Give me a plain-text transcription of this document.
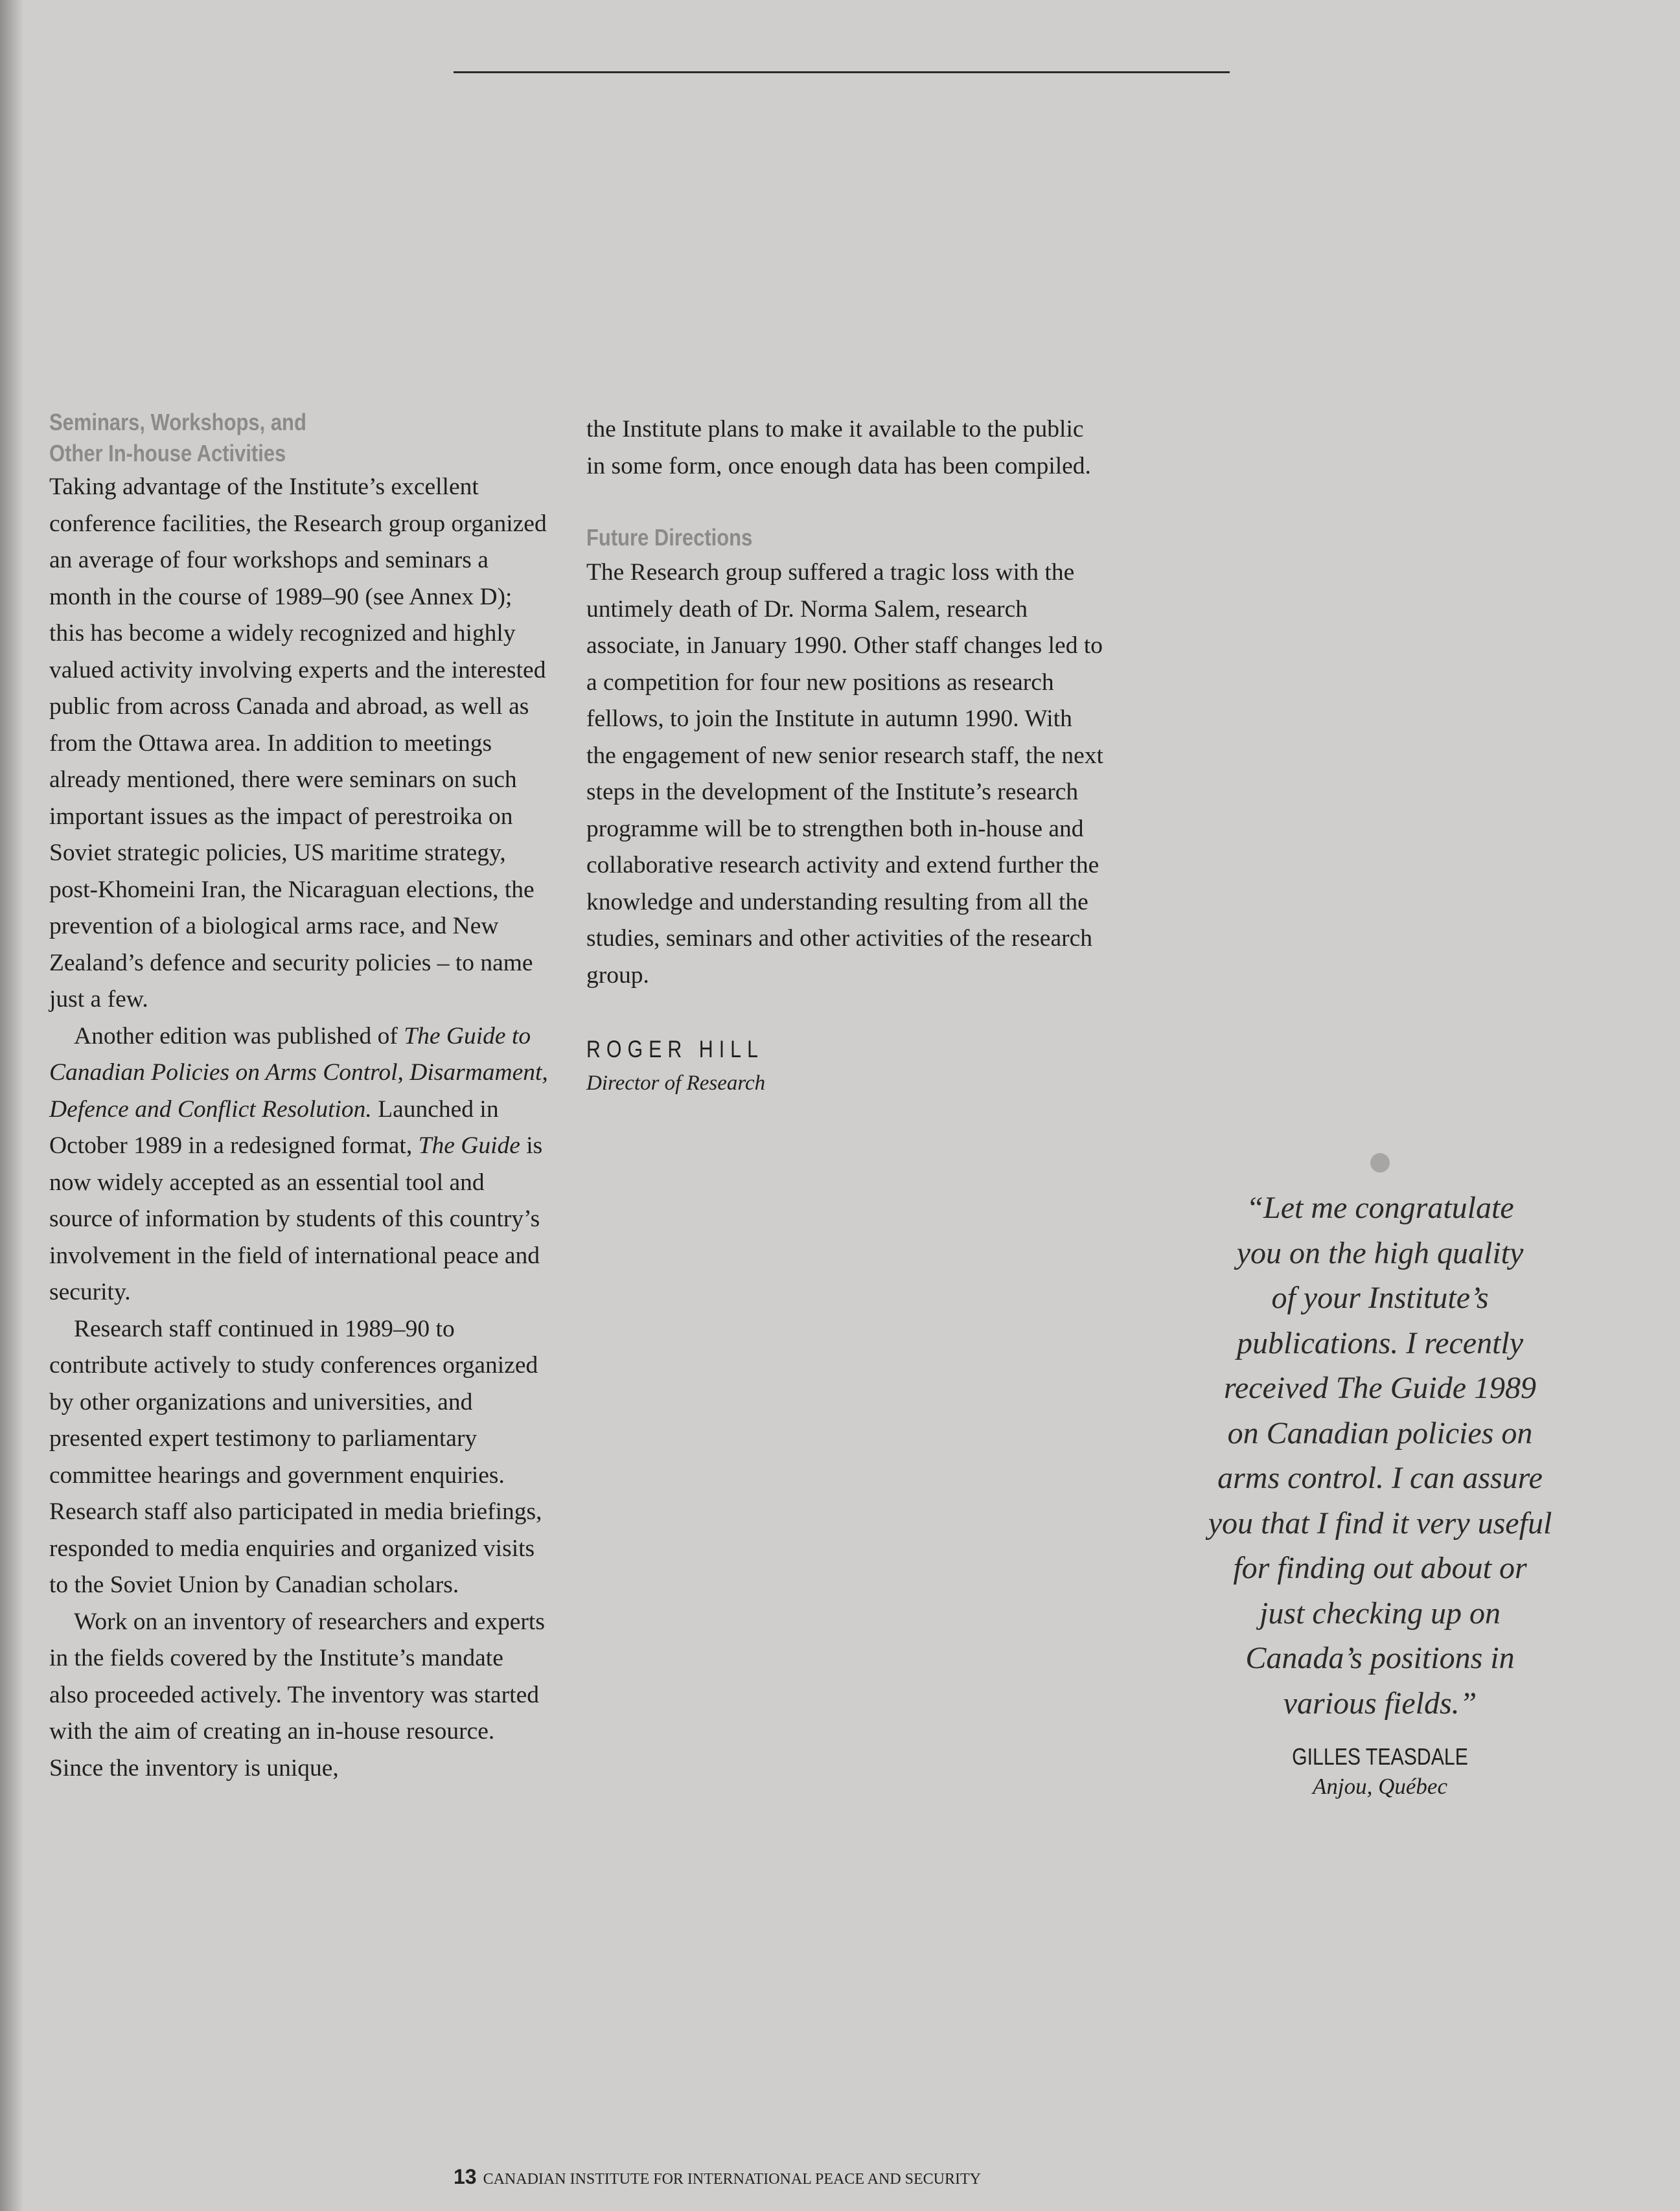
Seminars, Workshops, and
Other In-house Activities

Taking advantage of the Institute’s excellent conference facilities, the Research group organized an average of four workshops and seminars a month in the course of 1989–90 (see Annex D); this has become a widely recognized and highly valued activity involving experts and the interested public from across Canada and abroad, as well as from the Ottawa area. In addition to meetings already mentioned, there were seminars on such important issues as the impact of perestroika on Soviet strategic policies, US maritime strategy, post-Khomeini Iran, the Nicaraguan elections, the prevention of a biological arms race, and New Zealand’s defence and security policies – to name just a few.

Another edition was published of The Guide to Canadian Policies on Arms Control, Disarmament, Defence and Conflict Resolution. Launched in October 1989 in a redesigned format, The Guide is now widely accepted as an essential tool and source of information by students of this country’s involvement in the field of international peace and security.

Research staff continued in 1989–90 to contribute actively to study conferences organized by other organizations and universities, and presented expert testimony to parliamentary committee hearings and government enquiries. Research staff also participated in media briefings, responded to media enquiries and organized visits to the Soviet Union by Canadian scholars.

Work on an inventory of researchers and experts in the fields covered by the Institute’s mandate also proceeded actively. The inventory was started with the aim of creating an in-house resource. Since the inventory is unique,

the Institute plans to make it available to the public in some form, once enough data has been compiled.

Future Directions

The Research group suffered a tragic loss with the untimely death of Dr. Norma Salem, research associate, in January 1990. Other staff changes led to a competition for four new positions as research fellows, to join the Institute in autumn 1990. With the engagement of new senior research staff, the next steps in the development of the Institute’s research programme will be to strengthen both in-house and collaborative research activity and extend further the knowledge and understanding resulting from all the studies, seminars and other activities of the research group.

ROGER HILL
Director of Research
“Let me congratulate
you on the high quality
of your Institute’s
publications. I recently
received The Guide 1989
on Canadian policies on
arms control. I can assure
you that I find it very useful
for finding out about or
just checking up on
Canada’s positions in
various fields.”
GILLES TEASDALE
Anjou, Québec
13 CANADIAN INSTITUTE FOR INTERNATIONAL PEACE AND SECURITY
